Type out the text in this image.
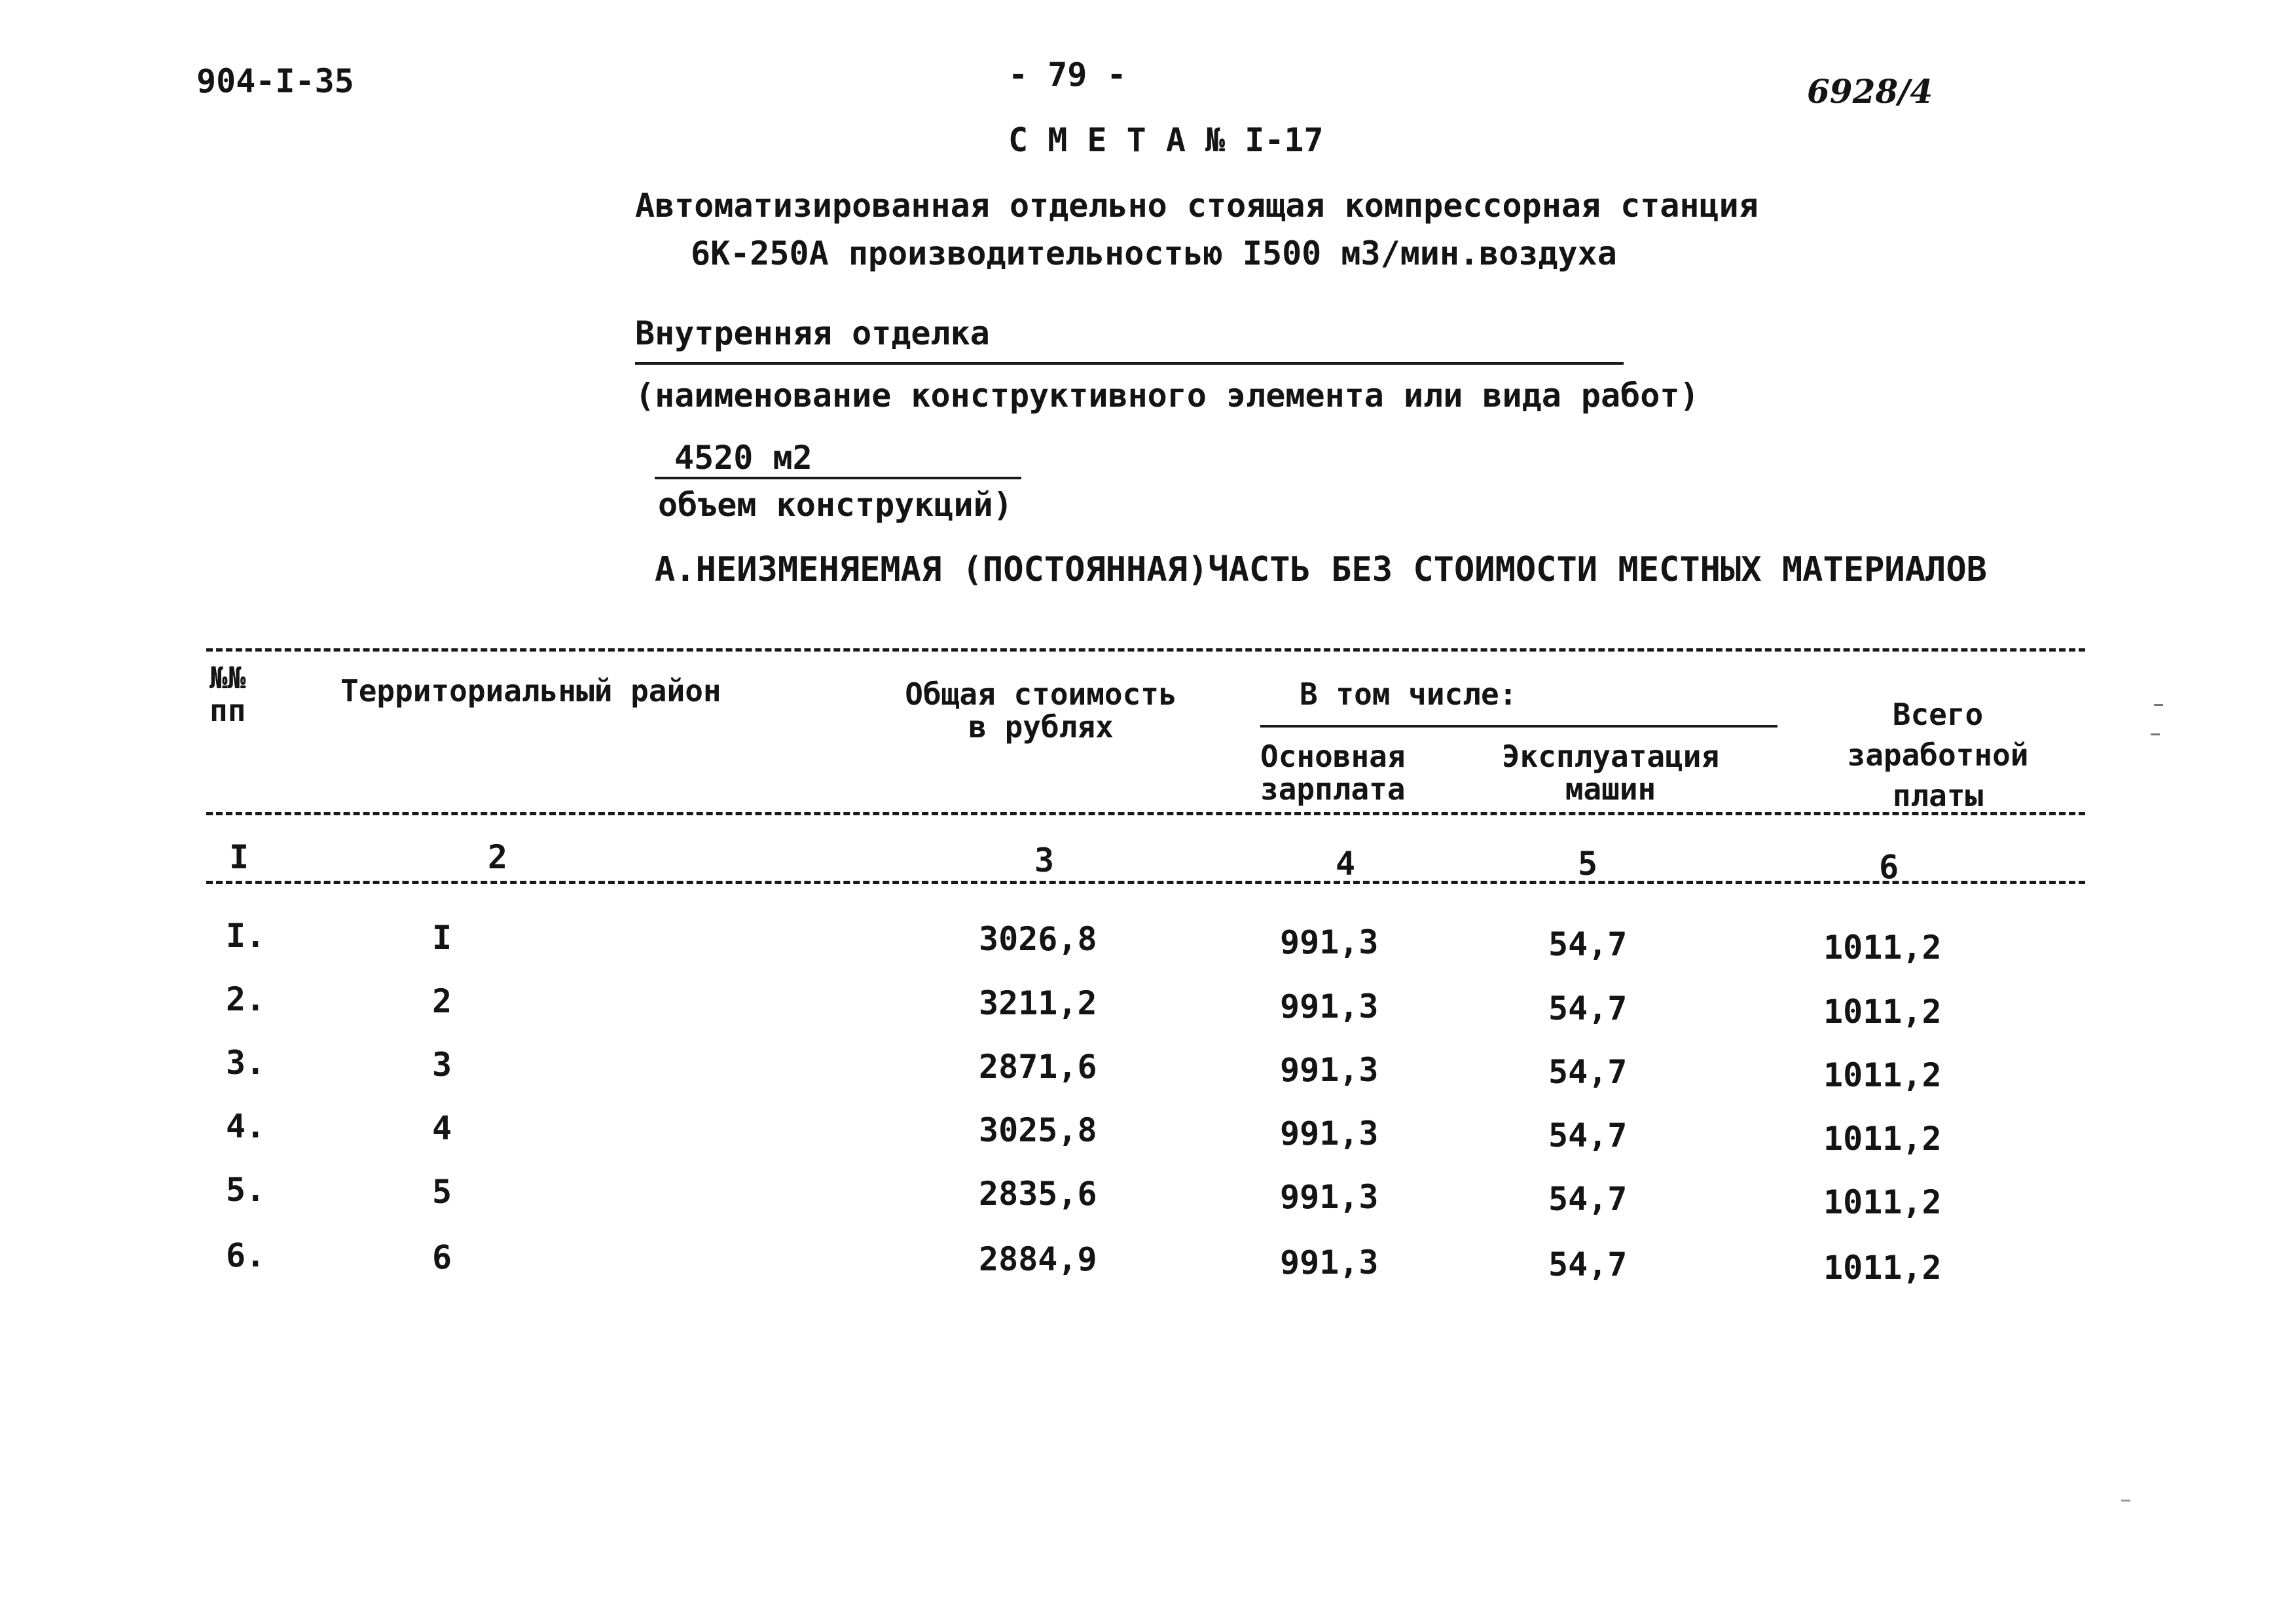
904-I-35	- 79 -	6928/4
С М Е Т А № I-17
Автоматизированная отдельно стоящая компрессорная станция
6К-250А производительностью I500 м3/мин.воздуха
Внутренняя отделка
(наименование конструктивного элемента или вида работ)
4520 м2
объем конструкций)
А.НЕИЗМЕНЯЕМАЯ (ПОСТОЯННАЯ)ЧАСТЬ БЕЗ СТОИМОСТИ МЕСТНЫХ МАТЕРИАЛОВ
№№
пп
Территориальный район	Общая стоимость
в рублях
В том числе:
Основная
зарплата
Эксплуатация
машин
Всего
заработной
платы
I	2	3	4	5	6
I.	I	3026,8	991,3	54,7	1011,2
2.	2	3211,2	991,3	54,7	1011,2
3.	3	2871,6	991,3	54,7	1011,2
4.	4	3025,8	991,3	54,7	1011,2
5.	5	2835,6	991,3	54,7	1011,2
6.	6	2884,9	991,3	54,7	1011,2
